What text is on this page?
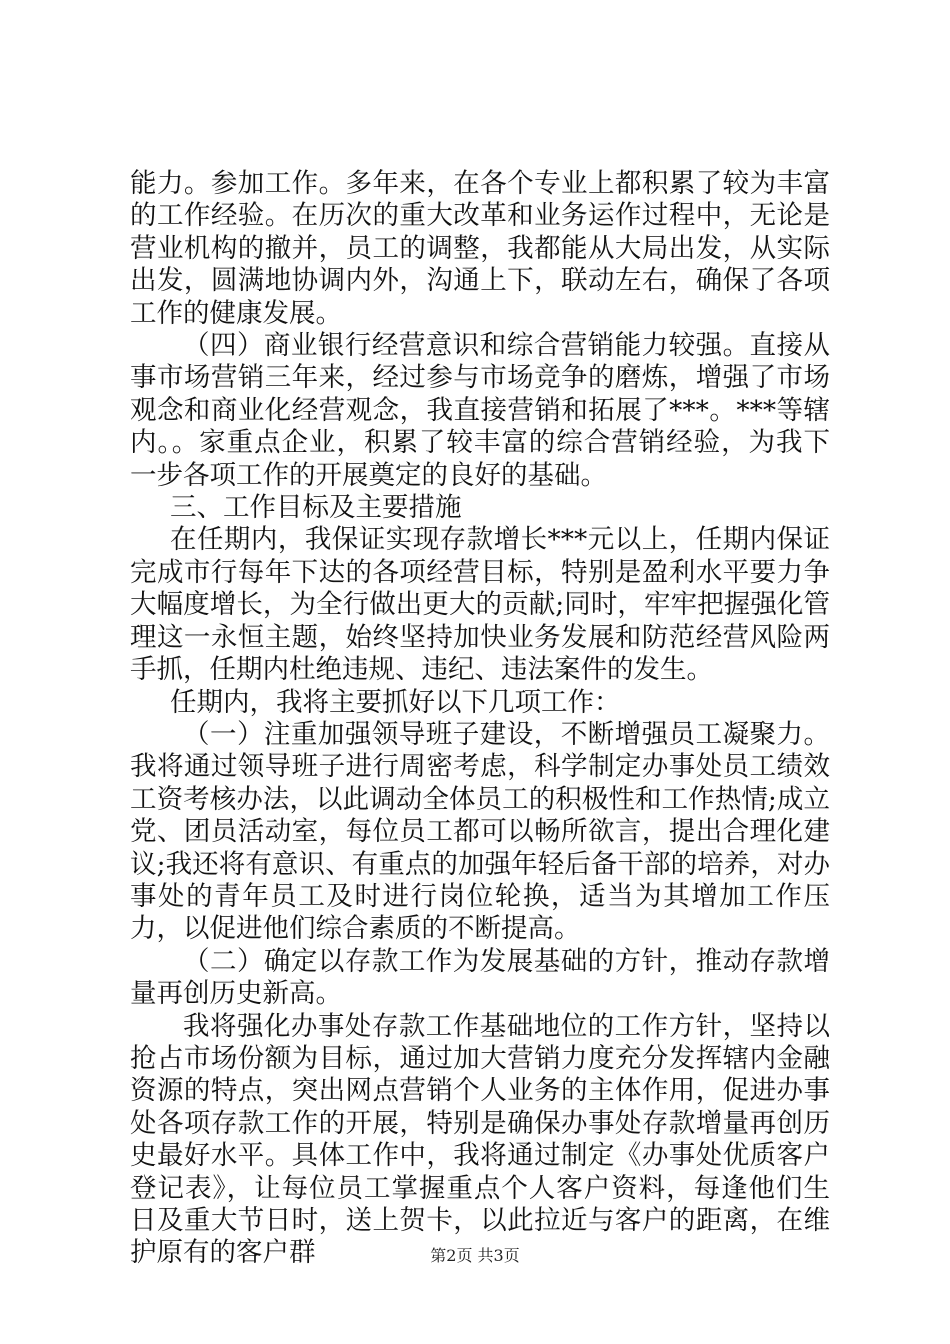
能力。参加工作。多年来，在各个专业上都积累了较为丰富的工作经验。在历次的重大改革和业务运作过程中，无论是营业机构的撤并，员工的调整，我都能从大局出发，从实际出发，圆满地协调内外，沟通上下，联动左右，确保了各项工作的健康发展。

（四）商业银行经营意识和综合营销能力较强。直接从事市场营销三年来，经过参与市场竞争的磨炼，增强了市场观念和商业化经营观念，我直接营销和拓展了***。***等辖内。。家重点企业，积累了较丰富的综合营销经验，为我下一步各项工作的开展奠定的良好的基础。

三、工作目标及主要措施

在任期内，我保证实现存款增长***元以上，任期内保证完成市行每年下达的各项经营目标，特别是盈利水平要力争大幅度增长，为全行做出更大的贡献;同时，牢牢把握强化管理这一永恒主题，始终坚持加快业务发展和防范经营风险两手抓，任期内杜绝违规、违纪、违法案件的发生。

任期内，我将主要抓好以下几项工作：

（一）注重加强领导班子建设，不断增强员工凝聚力。我将通过领导班子进行周密考虑，科学制定办事处员工绩效工资考核办法，以此调动全体员工的积极性和工作热情;成立党、团员活动室，每位员工都可以畅所欲言，提出合理化建议;我还将有意识、有重点的加强年轻后备干部的培养，对办事处的青年员工及时进行岗位轮换，适当为其增加工作压力，以促进他们综合素质的不断提高。

（二）确定以存款工作为发展基础的方针，推动存款增量再创历史新高。

我将强化办事处存款工作基础地位的工作方针，坚持以抢占市场份额为目标，通过加大营销力度充分发挥辖内金融资源的特点，突出网点营销个人业务的主体作用，促进办事处各项存款工作的开展，特别是确保办事处存款增量再创历史最好水平。具体工作中，我将通过制定《办事处优质客户登记表》，让每位员工掌握重点个人客户资料，每逢他们生日及重大节日时，送上贺卡，以此拉近与客户的距离，在维护原有的客户群	第2页 共3页
